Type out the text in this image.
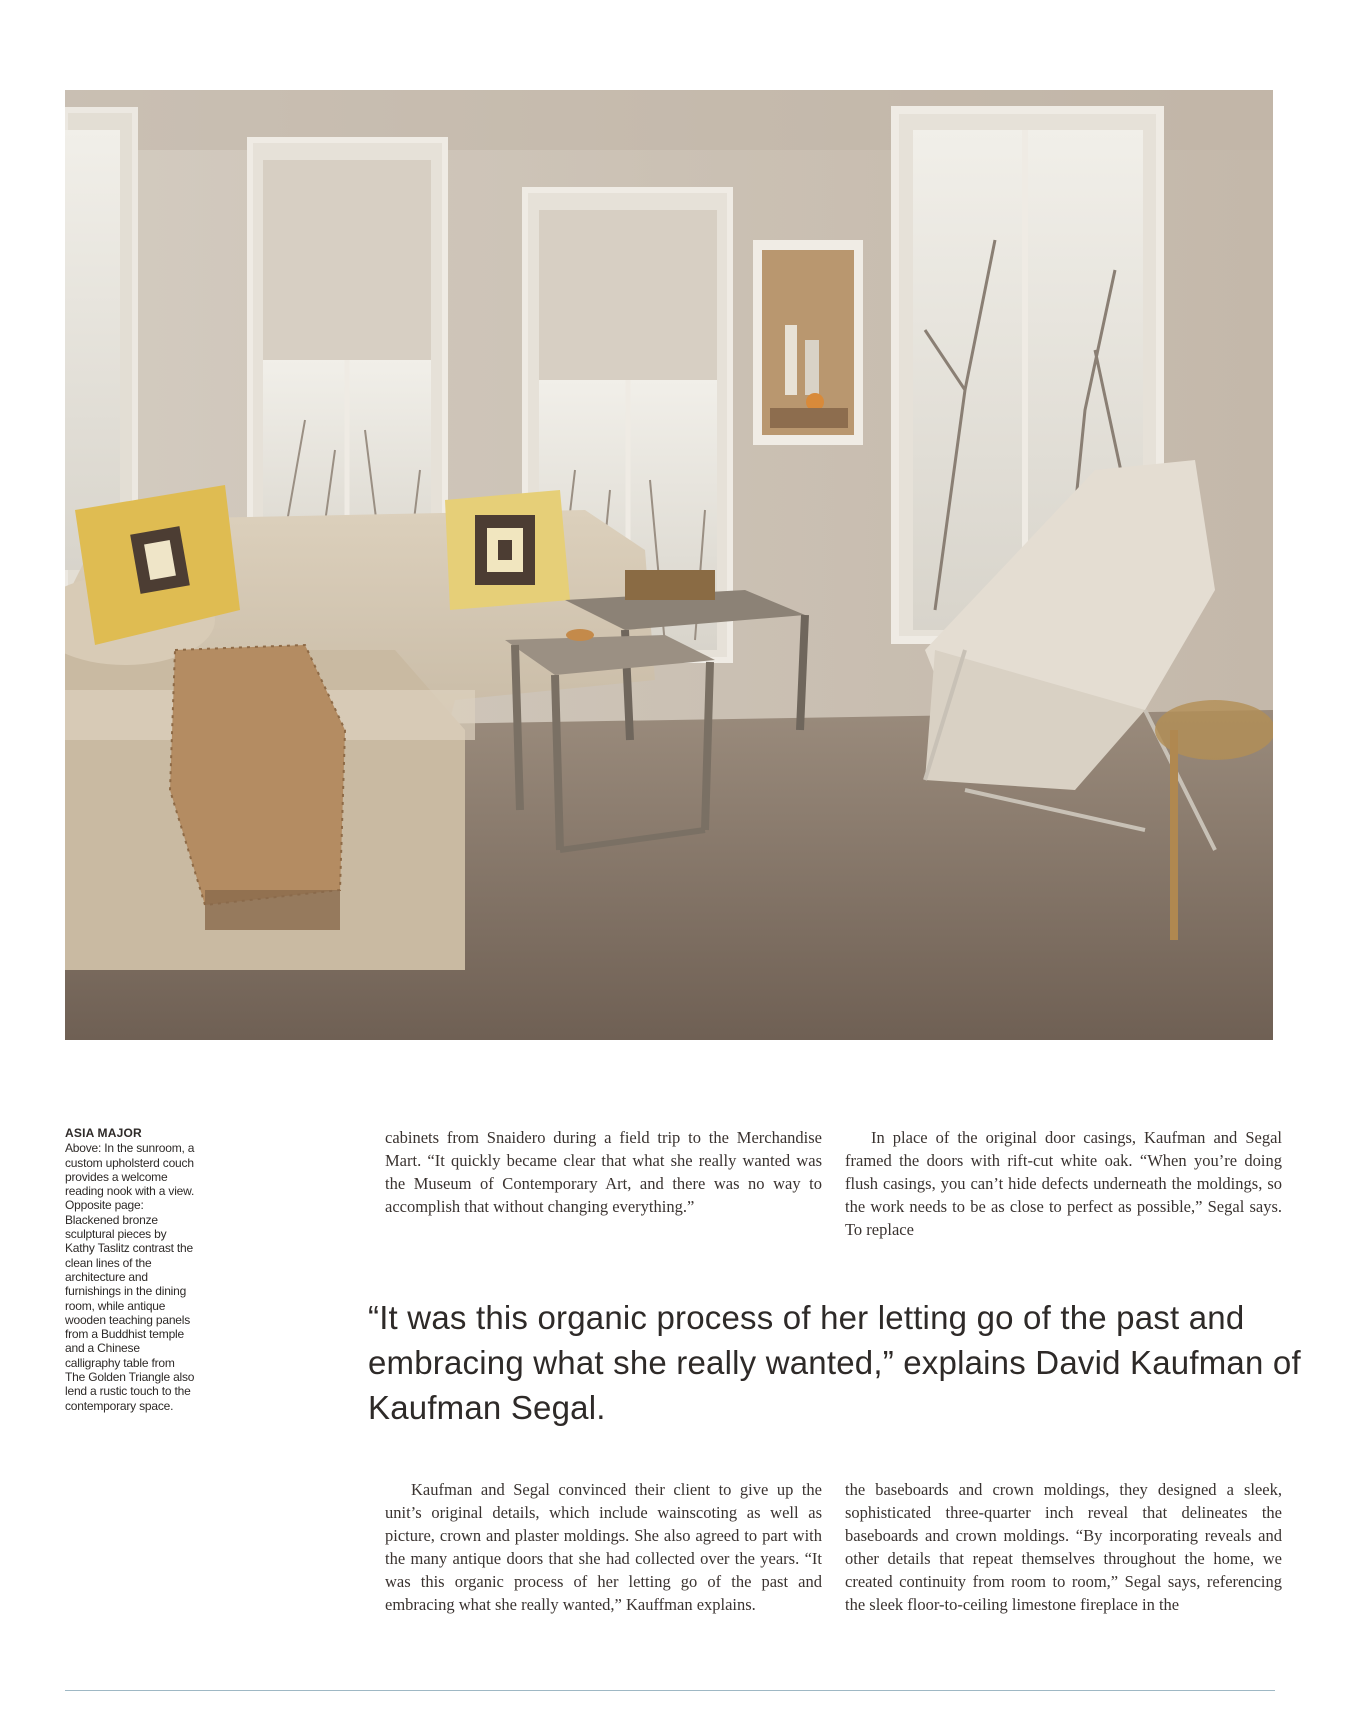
ASIA MAJOR
Above: In the sunroom, a custom upholsterd couch provides a welcome reading nook with a view. Opposite page: Blackened bronze sculptural pieces by Kathy Taslitz contrast the clean lines of the architecture and furnishings in the dining room, while antique wooden teaching panels from a Buddhist temple and a Chinese calligraphy table from The Golden Triangle also lend a rustic touch to the contemporary space.

cabinets from Snaidero during a field trip to the Merchandise Mart. “It quickly became clear that what she really wanted was the Museum of Contemporary Art, and there was no way to accomplish that without changing everything.”

In place of the original door casings, Kaufman and Segal framed the doors with rift-cut white oak. “When you’re doing flush casings, you can’t hide defects underneath the moldings, so the work needs to be as close to perfect as possible,” Segal says. To replace

“It was this organic process of her letting go of the past and embracing what she really wanted,” explains David Kaufman of Kaufman Segal.

Kaufman and Segal convinced their client to give up the unit’s original details, which include wainscoting as well as picture, crown and plaster moldings. She also agreed to part with the many antique doors that she had collected over the years. “It was this organic process of her letting go of the past and embracing what she really wanted,” Kauffman explains.

the baseboards and crown moldings, they designed a sleek, sophisticated three-quarter inch reveal that delineates the baseboards and crown moldings. “By incorporating reveals and other details that repeat themselves throughout the home, we created continuity from room to room,” Segal says, referencing the sleek floor-to-ceiling limestone fireplace in the
